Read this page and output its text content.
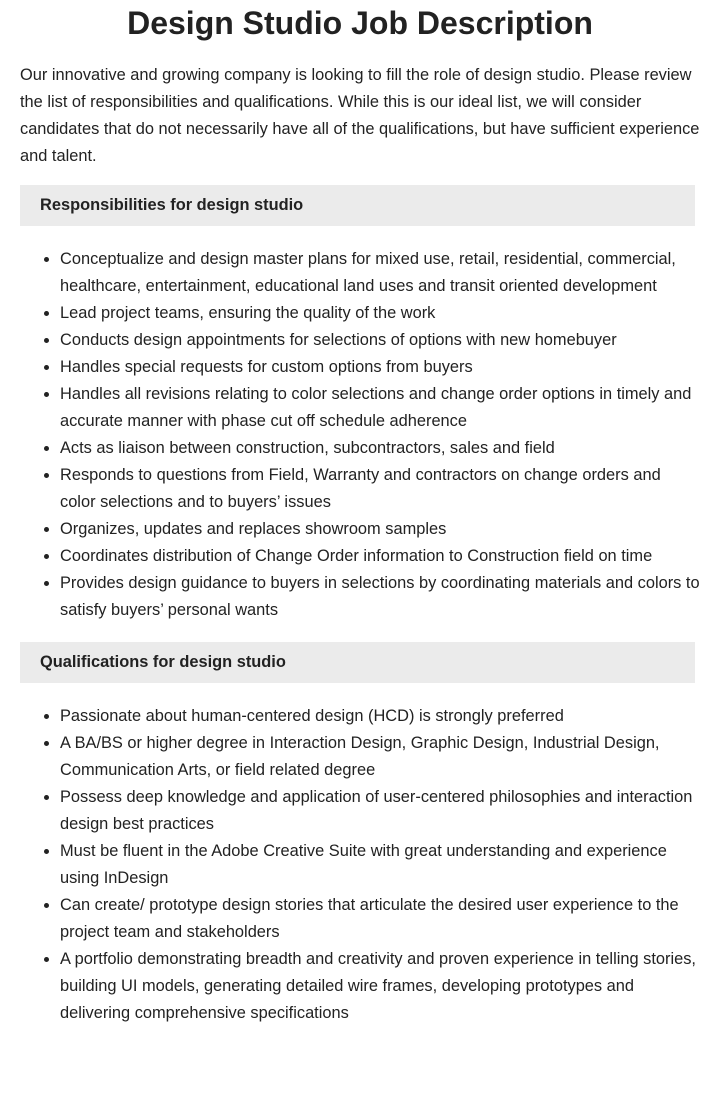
Design Studio Job Description

Our innovative and growing company is looking to fill the role of design studio. Please review the list of responsibilities and qualifications. While this is our ideal list, we will consider candidates that do not necessarily have all of the qualifications, but have sufficient experience and talent.

Responsibilities for design studio
• Conceptualize and design master plans for mixed use, retail, residential, commercial, healthcare, entertainment, educational land uses and transit oriented development
• Lead project teams, ensuring the quality of the work
• Conducts design appointments for selections of options with new homebuyer
• Handles special requests for custom options from buyers
• Handles all revisions relating to color selections and change order options in timely and accurate manner with phase cut off schedule adherence
• Acts as liaison between construction, subcontractors, sales and field
• Responds to questions from Field, Warranty and contractors on change orders and color selections and to buyers’ issues
• Organizes, updates and replaces showroom samples
• Coordinates distribution of Change Order information to Construction field on time
• Provides design guidance to buyers in selections by coordinating materials and colors to satisfy buyers’ personal wants
Qualifications for design studio
• Passionate about human-centered design (HCD) is strongly preferred
• A BA/BS or higher degree in Interaction Design, Graphic Design, Industrial Design, Communication Arts, or field related degree
• Possess deep knowledge and application of user-centered philosophies and interaction design best practices
• Must be fluent in the Adobe Creative Suite with great understanding and experience using InDesign
• Can create/ prototype design stories that articulate the desired user experience to the project team and stakeholders
• A portfolio demonstrating breadth and creativity and proven experience in telling stories, building UI models, generating detailed wire frames, developing prototypes and delivering comprehensive specifications
